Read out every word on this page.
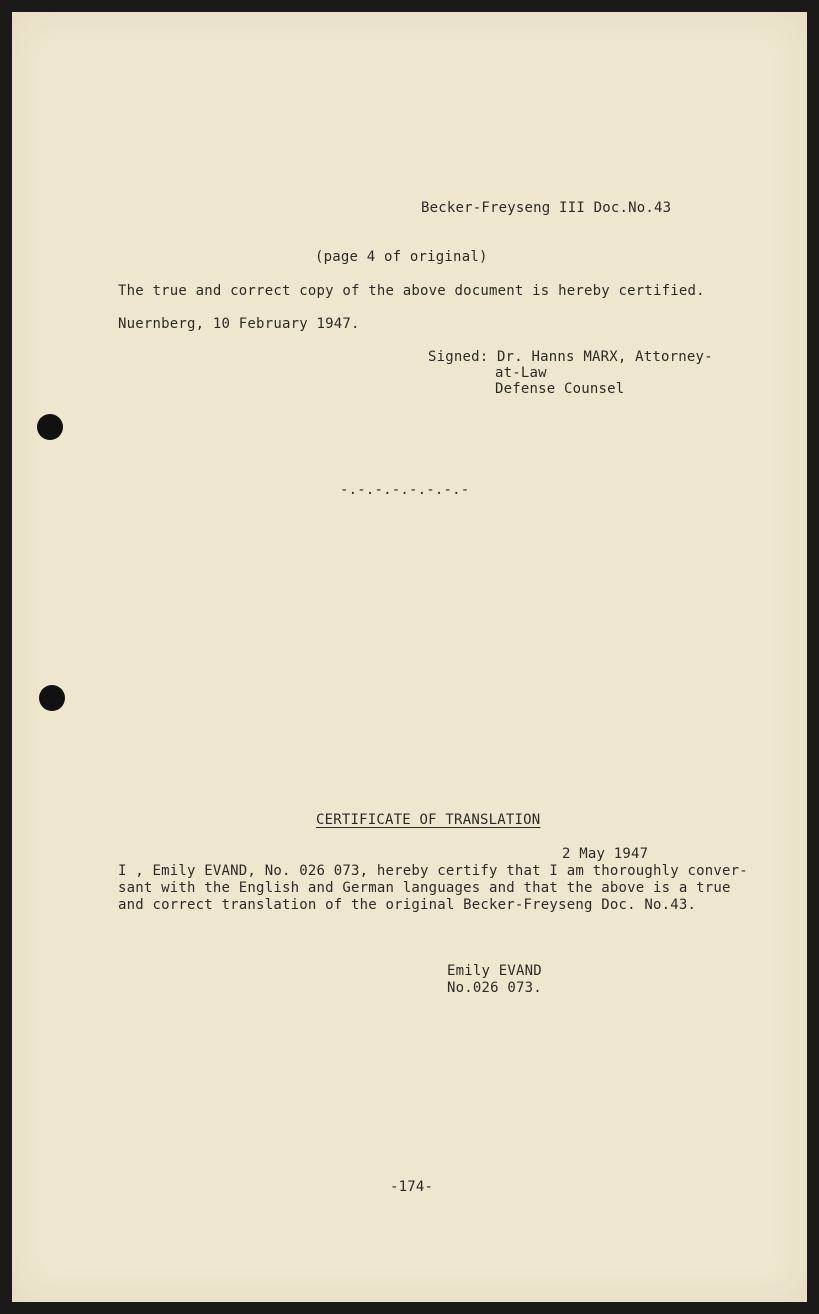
Becker-Freyseng III Doc.No.43
(page 4 of original)
The true and correct copy of the above document is hereby certified.
Nuernberg, 10 February 1947.
Signed: Dr. Hanns MARX, Attorney-
at-Law
Defense Counsel
-.-.-.-.-.-.-.-
CERTIFICATE OF TRANSLATION
2 May 1947
I , Emily EVAND, No. 026 073, hereby certify that I am thoroughly conver-
sant with the English and German languages and that the above is a true
and correct translation of the original Becker-Freyseng Doc. No.43.
Emily EVAND
No.026 073.
-174-
